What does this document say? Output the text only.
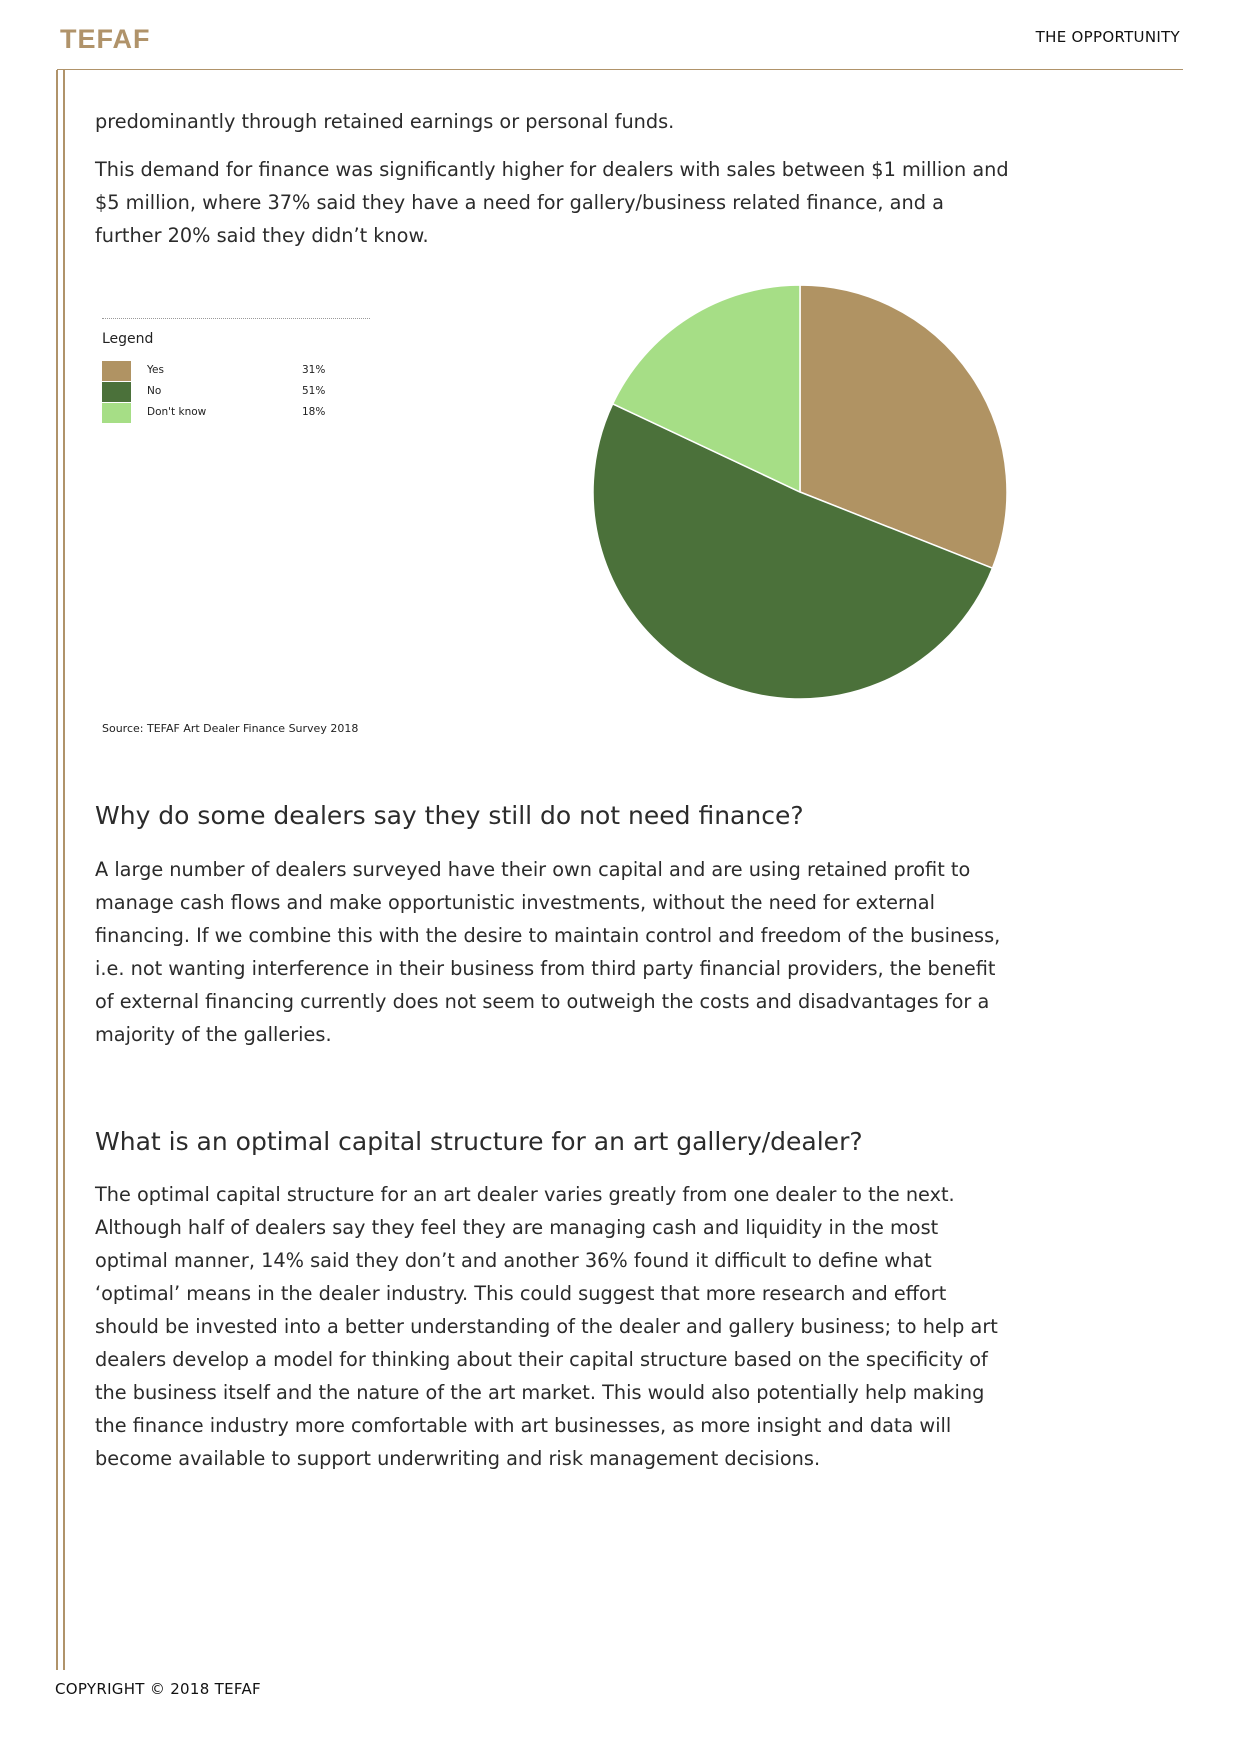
TEFAF	THE OPPORTUNITY

predominantly through retained earnings or personal funds.

This demand for finance was significantly higher for dealers with sales between $1 million and $5 million, where 37% said they have a need for gallery/business related finance, and a further 20% said they didn’t know.

Why do some dealers say they still do not need finance?

A large number of dealers surveyed have their own capital and are using retained profit to manage cash flows and make opportunistic investments, without the need for external financing. If we combine this with the desire to maintain control and freedom of the business, i.e. not wanting interference in their business from third party financial providers, the benefit of external financing currently does not seem to outweigh the costs and disadvantages for a majority of the galleries.

What is an optimal capital structure for an art gallery/dealer?

The optimal capital structure for an art dealer varies greatly from one dealer to the next. Although half of dealers say they feel they are managing cash and liquidity in the most optimal manner, 14% said they don’t and another 36% found it difficult to define what ‘optimal’ means in the dealer industry. This could suggest that more research and effort should be invested into a better understanding of the dealer and gallery business; to help art dealers develop a model for thinking about their capital structure based on the specificity of the business itself and the nature of the art market. This would also potentially help making the finance industry more comfortable with art businesses, as more insight and data will become available to support underwriting and risk management decisions.

Legend
Yes	31%
No	51%
Don't know	18%
Source: TEFAF Art Dealer Finance Survey 2018
COPYRIGHT © 2018 TEFAF
